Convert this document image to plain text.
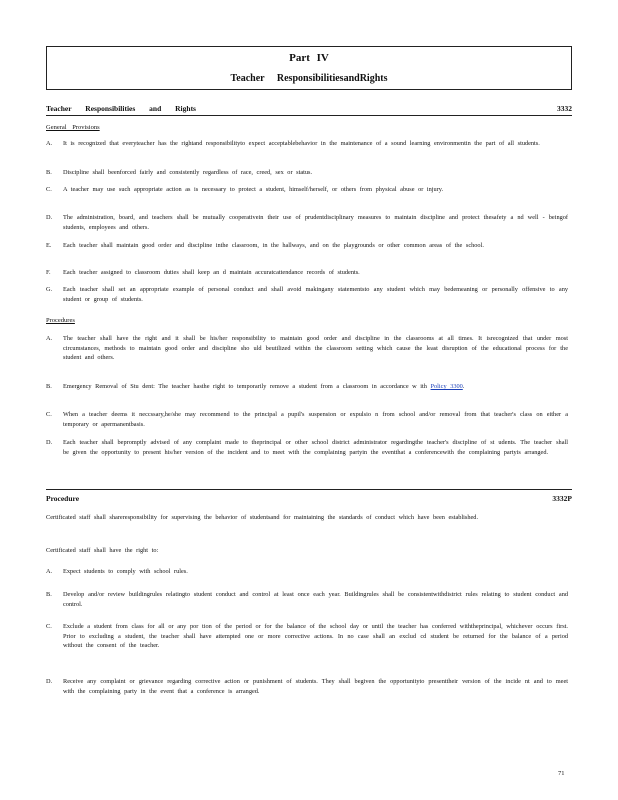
Part IV
Teacher ResponsibilitiesandRights
Teacher Responsibilities and Rights	3332
General Provisions
A. It is recognized that everyteacher has the rightand responsibilityto expect acceptablebehavior in the maintenance of a sound learning environmentin the part of all students.
B. Discipline shall beenforced fairly and consistently regardless of race, creed, sex or status.
C. A teacher may use such appropriate action as is necessary to protect a student, himself/herself, or others from physical abuse or injury.
D. The administration, board, and teachers shall be mutually cooperativein their use of prudentdisciplinary measures to maintain discipline and protect thesafety a nd well - beingof students, employees and others.
E. Each teacher shall maintain good order and discipline inthe classroom, in the hallways, and on the playgrounds or other common areas of the school.
F. Each teacher assigned to classroom duties shall keep an d maintain accuratcattendance records of students.
G. Each teacher shall set an appropriate example of personal conduct and shall avoid makingany statementsto any student which may bedemeaning or personally offensive to any student or group of students.
Procedures
A. The teacher shall have the right and it shall be his/her responsibility to maintain good order and discipline in the classrooms at all times. It isrecognized that under most circumstances, methods to maintain good order and discipline sho uld beutilized within the classroom setting which cause the least disruption of the educational process for the student and others.
B. Emergency Removal of Stu dent: The teacher hasthe right to temporarily remove a student from a classroom in accordance w ith Policy 3300.
C. When a teacher deems it neccssary,he/she may recommend to the principal a pupil's suspension or expulsio n from school and/or removal from that teacher's class on either a temporary or apermanentbasis.
D. Each teacher shall bepromptly advised of any complaint made to theprincipal or other school district administrator regardingthe teacher's discipline of st udents. The teacher shall be given the opportunity to present his/her version of the incident and to meet with the complaining partyin the eventthat a conferencewith the complaining partyis arranged.
Procedure	3332P
Certificated staff shall shareresponsibility for supervising the behavior of studentsand for maintaining the standards of conduct which have been established.
Certificated staff shall have the right to:
A. Expect students to comply with school rules.
B. Develop and/or review buildingrules relatingto student conduct and control at least once each year. Buildingrules shall be consistentwithdistrict rules relating to student conduct and control.
C. Exclude a student from class for all or any por tion of the period or for the balance of the school day or until the teacher has conferred withtheprincipal, whichever occurs first. Prior to excluding a student, the teacher shall have attempted one or more corrective actions. In no case shall an exclud cd student be returned for the balance of a period without the consent of the teacher.
D. Receive any complaint or grievance regarding corrective action or punishment of students. They shall begiven the opportunityto presenttheir version of the incide nt and to meet with the complaining party in the event that a conference is arranged.
71
